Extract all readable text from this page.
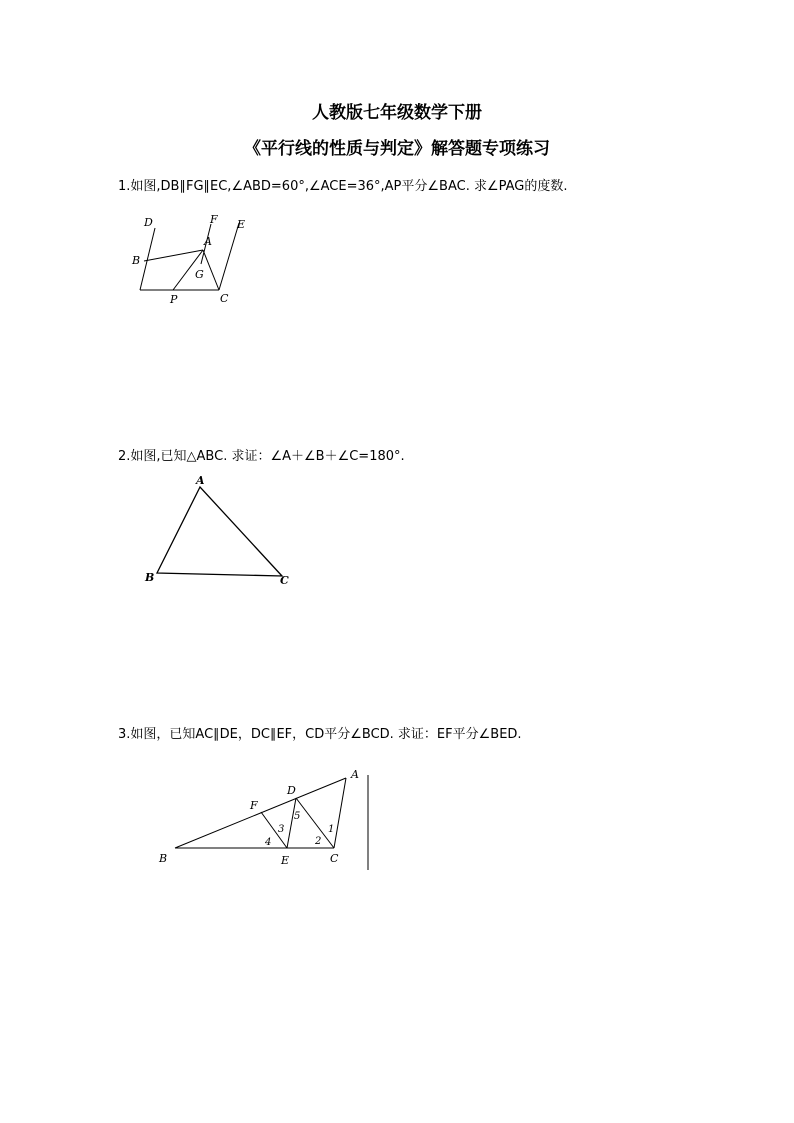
人教版七年级数学下册
《平行线的性质与判定》解答题专项练习
1.如图,DB∥FG∥EC,∠ABD=60°,∠ACE=36°,AP平分∠BAC. 求∠PAG的度数.
D	F E
A
B
G
P	C
2.如图,已知△ABC. 求证：∠A＋∠B＋∠C=180°.
A
B	C
3.如图，已知AC∥DE，DC∥EF，CD平分∠BCD. 求证：EF平分∠BED.
A
D
F
B	E	C
1
2
3
4
5
